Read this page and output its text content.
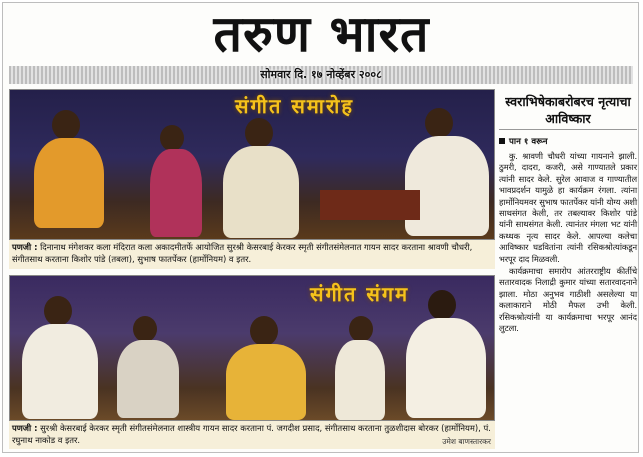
तरुण भारत
सोमवार दि. १७ नोव्हेंबर २००८
संगीत समारोह
पणजी : दिनानाथ मंगेशकर कला मंदिरात कला अकादमीतर्फे आयोजित सुरश्री केसरबाई केरकर स्मृती संगीतसंमेलनात गायन सादर करताना श्रावणी चौधरी, संगीतसाथ करताना किशोर पांडे (तबला), सुभाष फातर्पेकर (हार्मोनियम) व इतर.
संगीत संगम
पणजी : सुरश्री केसरबाई केरकर स्मृती संगीतसंमेलनात शास्त्रीय गायन सादर करताना पं. जगदीश प्रसाद, संगीतसाथ करताना तुळशीदास बोरकर (हार्मोनियम), पं. रघुनाथ नाकोड व इतर.	उमेश बाणस्तारकर
स्वराभिषेकाबरोबरच नृत्याचा आविष्कार
पान १ वरून

कु. श्रावणी चौधरी यांच्या गायनाने झाली. ठुमरी, दादरा, कजरी, असे गाण्यातले प्रकार त्यांनी सादर केले. सुरेल आवाज व गाण्यातील भावप्रदर्शन यामुळे हा कार्यक्रम रंगला. त्यांना हार्मोनियमवर सुभाष फातर्पेकर यांनी योग्य अशी साथसंगत केली, तर तबल्यावर किशोर पांडे यांनी साथसंगत केली. त्यानंतर मंगला भट यांनी कथ्थक नृत्य सादर केले. आपल्या कलेचा आविष्कार घडवितांना त्यांनी रसिकश्रोत्यांकडून भरपूर दाद मिळवली.

कार्यक्रमाचा समारोप आंतरराष्ट्रीय कीर्तीचे सतारवादक निलाद्री कुमार यांच्या सतारवादनाने झाला. मोठा अनुभव गाठीशी असलेल्या या कलाकाराने मोठी मैफल उभी केली. रसिकश्रोत्यांनी या कार्यक्रमाचा भरपूर आनंद लुटला.
